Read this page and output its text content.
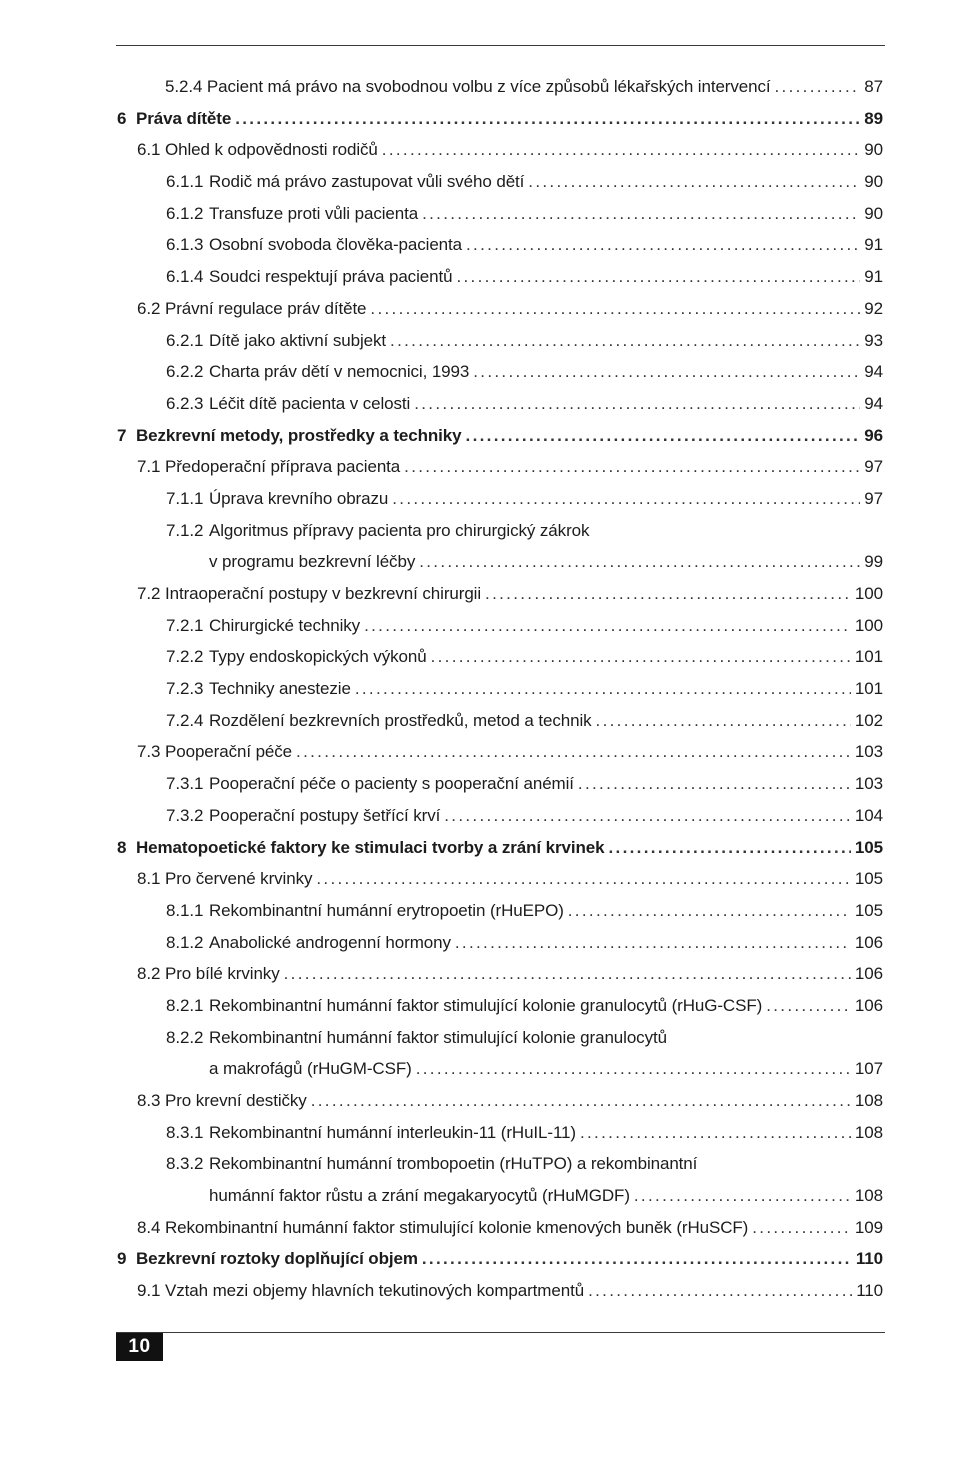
5.2.4 Pacient má právo na svobodnou volbu z více způsobů lékařských intervencí . . .	87
6 Práva dítěte . . .	89
6.1 Ohled k odpovědnosti rodičů . . .	90
6.1.1 Rodič má právo zastupovat vůli svého dětí . . .	90
6.1.2 Transfuze proti vůli pacienta . . .	90
6.1.3 Osobní svoboda člověka-pacienta . . .	91
6.1.4 Soudci respektují práva pacientů . . .	91
6.2 Právní regulace práv dítěte . . .	92
6.2.1 Dítě jako aktivní subjekt . . .	93
6.2.2 Charta práv dětí v nemocnici, 1993 . . .	94
6.2.3 Léčit dítě pacienta v celosti . . .	94
7 Bezkrevní metody, prostředky a techniky . . .	96
7.1 Předoperační příprava pacienta . . .	97
7.1.1 Úprava krevního obrazu . . .	97
7.1.2 Algoritmus přípravy pacienta pro chirurgický zákrok
v programu bezkrevní léčby . . .	99
7.2 Intraoperační postupy v bezkrevní chirurgii . . .	100
7.2.1 Chirurgické techniky . . .	100
7.2.2 Typy endoskopických výkonů . . .	101
7.2.3 Techniky anestezie . . .	101
7.2.4 Rozdělení bezkrevních prostředků, metod a technik . . .	102
7.3 Pooperační péče . . .	103
7.3.1 Pooperační péče o pacienty s pooperační anémií . . .	103
7.3.2 Pooperační postupy šetřící krví . . .	104
8 Hematopoetické faktory ke stimulaci tvorby a zrání krvinek . . .	105
8.1 Pro červené krvinky . . .	105
8.1.1 Rekombinantní humánní erytropoetin (rHuEPO) . . .	105
8.1.2 Anabolické androgenní hormony . . .	106
8.2 Pro bílé krvinky . . .	106
8.2.1 Rekombinantní humánní faktor stimulující kolonie granulocytů (rHuG-CSF) . . .	106
8.2.2 Rekombinantní humánní faktor stimulující kolonie granulocytů
a makrofágů (rHuGM-CSF) . . .	107
8.3 Pro krevní destičky . . .	108
8.3.1 Rekombinantní humánní interleukin-11 (rHuIL-11) . . .	108
8.3.2 Rekombinantní humánní trombopoetin (rHuTPO) a rekombinantní
humánní faktor růstu a zrání megakaryocytů (rHuMGDF) . . .	108
8.4 Rekombinantní humánní faktor stimulující kolonie kmenových buněk (rHuSCF) . . .	109
9 Bezkrevní roztoky doplňující objem . . .	110
9.1 Vztah mezi objemy hlavních tekutinových kompartmentů . . .	110
10
